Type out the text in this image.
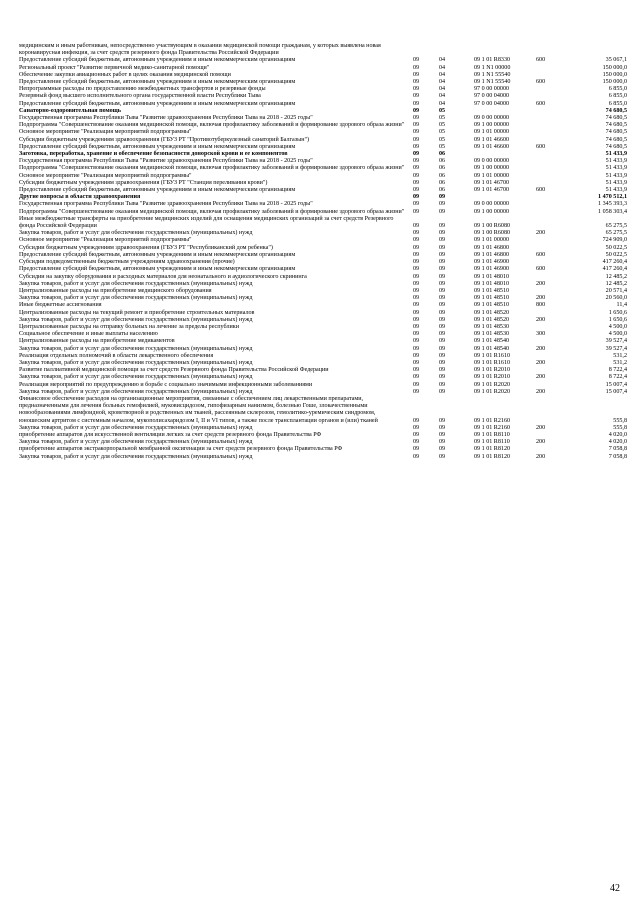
медицинским и иным работникам, непосредственно участвующим в оказании медицинской помощи гражданам, у которых выявлена новая коронавирусная инфекция, за счет средств резервного фонда Правительства Российской Федерации					
Предоставление субсидий бюджетным, автономным учреждениям и иным некоммерческим организациям	09	04	09 1 01 R8330	600	35 067,1
Региональный проект "Развитие первичной медико-санитарной помощи"	09	04	09 1 N1 00000		150 000,0
Обеспечение закупки авиационных работ в целях оказания медицинской помощи	09	04	09 1 N1 55540		150 000,0
Предоставление субсидий бюджетным, автономным учреждениям и иным некоммерческим организациям	09	04	09 1 N1 55540	600	150 000,0
Непрограммные расходы по предоставлению межбюджетных трансфертов и резервные фонды	09	04	97 0 00 00000		6 855,0
Резервный фонд высшего исполнительного органа государственной власти Республики Тыва	09	04	97 0 00 04000		6 855,0
Предоставление субсидий бюджетным, автономным учреждениям и иным некоммерческим организациям	09	04	97 0 00 04000	600	6 855,0
Санаторно-оздоровительная помощь	09	05			74 680,5
Государственная программа Республики Тыва "Развитие здравоохранения Республики Тыва на 2018 - 2025 годы"	09	05	09 0 00 00000		74 680,5
Подпрограмма "Совершенствование оказания медицинской помощи, включая профилактику заболеваний и формирование здорового образа жизни"	09	05	09 1 00 00000		74 680,5
Основное мероприятие "Реализация мероприятий подпрограммы"	09	05	09 1 01 00000		74 680,5
Субсидии бюджетным учреждениям здравоохранения (ГБУЗ РТ "Противотуберкулезный санаторий Балгазын")	09	05	09 1 01 46600		74 680,5
Предоставление субсидий бюджетным, автономным учреждениям и иным некоммерческим организациям	09	05	09 1 01 46600	600	74 680,5
Заготовка, переработка, хранение и обеспечение безопасности донорской крови и ее компонентов	09	06			51 433,9
Государственная программа Республики Тыва "Развитие здравоохранения Республики Тыва на 2018 - 2025 годы"	09	06	09 0 00 00000		51 433,9
Подпрограмма "Совершенствование оказания медицинской помощи, включая профилактику заболеваний и формирование здорового образа жизни"	09	06	09 1 00 00000		51 433,9
Основное мероприятие "Реализация мероприятий подпрограммы"	09	06	09 1 01 00000		51 433,9
Субсидии бюджетным учреждениям здравоохранения (ГБУЗ РТ "Станция переливания крови")	09	06	09 1 01 46700		51 433,9
Предоставление субсидий бюджетным, автономным учреждениям и иным некоммерческим организациям	09	06	09 1 01 46700	600	51 433,9
Другие вопросы в области здравоохранения	09	09			1 470 512,1
Государственная программа Республики Тыва "Развитие здравоохранения Республики Тыва на 2018 - 2025 годы"	09	09	09 0 00 00000		1 345 393,3
Подпрограмма "Совершенствование оказания медицинской помощи, включая профилактику заболеваний и формирование здорового образа жизни"	09	09	09 1 00 00000		1 058 303,4
Иные межбюджетные трансферты на приобретение медицинских изделий для оснащения медицинских организаций за счет средств Резервного фонда Российской Федерации	09	09	09 1 00 R6080		65 275,5
Закупка товаров, работ и услуг для обеспечения государственных (муниципальных) нужд	09	09	09 1 00 R6080	200	65 275,5
Основное мероприятие "Реализация мероприятий подпрограммы"	09	09	09 1 01 00000		724 909,0
Субсидии бюджетным учреждениям здравоохранения (ГБУЗ РТ "Республиканский дом ребенка")	09	09	09 1 01 46800		50 022,5
Предоставление субсидий бюджетным, автономным учреждениям и иным некоммерческим организациям	09	09	09 1 01 46800	600	50 022,5
Субсидии подведомственным бюджетным учреждениям здравоохранения (прочие)	09	09	09 1 01 46900		417 260,4
Предоставление субсидий бюджетным, автономным учреждениям и иным некоммерческим организациям	09	09	09 1 01 46900	600	417 260,4
Субсидии на закупку оборудования и расходных материалов для неонатального и аудиологического скрининга	09	09	09 1 01 48010		12 485,2
Закупка товаров, работ и услуг для обеспечения государственных (муниципальных) нужд	09	09	09 1 01 48010	200	12 485,2
Централизованные расходы на приобретение медицинского оборудования	09	09	09 1 01 48510		20 571,4
Закупка товаров, работ и услуг для обеспечения государственных (муниципальных) нужд	09	09	09 1 01 48510	200	20 560,0
Иные бюджетные ассигнования	09	09	09 1 01 48510	800	11,4
Централизованные расходы на текущий ремонт и приобретение строительных материалов	09	09	09 1 01 48520		1 650,6
Закупка товаров, работ и услуг для обеспечения государственных (муниципальных) нужд	09	09	09 1 01 48520	200	1 650,6
Централизованные расходы на отправку больных на лечение за пределы республики	09	09	09 1 01 48530		4 500,0
Социальное обеспечение и иные выплаты населению	09	09	09 1 01 48530	300	4 500,0
Централизованные расходы на приобретение медикаментов	09	09	09 1 01 48540		39 527,4
Закупка товаров, работ и услуг для обеспечения государственных (муниципальных) нужд	09	09	09 1 01 48540	200	39 527,4
Реализация отдельных полномочий в области лекарственного обеспечения	09	09	09 1 01 R1610		531,2
Закупка товаров, работ и услуг для обеспечения государственных (муниципальных) нужд	09	09	09 1 01 R1610	200	531,2
Развитие паллиативной медицинской помощи за счет средств Резервного фонда Правительства Российской Федерации	09	09	09 1 01 R2010		8 722,4
Закупка товаров, работ и услуг для обеспечения государственных (муниципальных) нужд	09	09	09 1 01 R2010	200	8 722,4
Реализация мероприятий по предупреждению и борьбе с социально значимыми инфекционными заболеваниями	09	09	09 1 01 R2020		15 007,4
Закупка товаров, работ и услуг для обеспечения государственных (муниципальных) нужд	09	09	09 1 01 R2020	200	15 007,4
Финансовое обеспечение расходов на организационные мероприятия, связанные с обеспечением лиц лекарственными препаратами, предназначенными для лечения больных гемофилией, муковисцидозом, гипофизарным нанизмом, болезнью Гоше, злокачественными новообразованиями лимфоидной, кроветворной и родственных им тканей, рассеянным склерозом, гемолитико-уремическим синдромом, юношеским артритом с системным началом, мукополисахаридозом I, II и VI типов, а также после трансплантации органов и (или) тканей	09	09	09 1 01 R2160		555,8
Закупка товаров, работ и услуг для обеспечения государственных (муниципальных) нужд	09	09	09 1 01 R2160	200	555,8
приобретение аппаратов для искусственной вентиляции легких за счет средств резервного фонда Правительства РФ	09	09	09 1 01 R8110		4 020,0
Закупка товаров, работ и услуг для обеспечения государственных (муниципальных) нужд	09	09	09 1 01 R8110	200	4 020,0
приобретение аппаратов экстракорпоральной мембранной оксигенации за счет средств резервного фонда Правительства РФ	09	09	09 1 01 R8120		7 058,8
Закупка товаров, работ и услуг для обеспечения государственных (муниципальных) нужд	09	09	09 1 01 R8120	200	7 058,8
42
